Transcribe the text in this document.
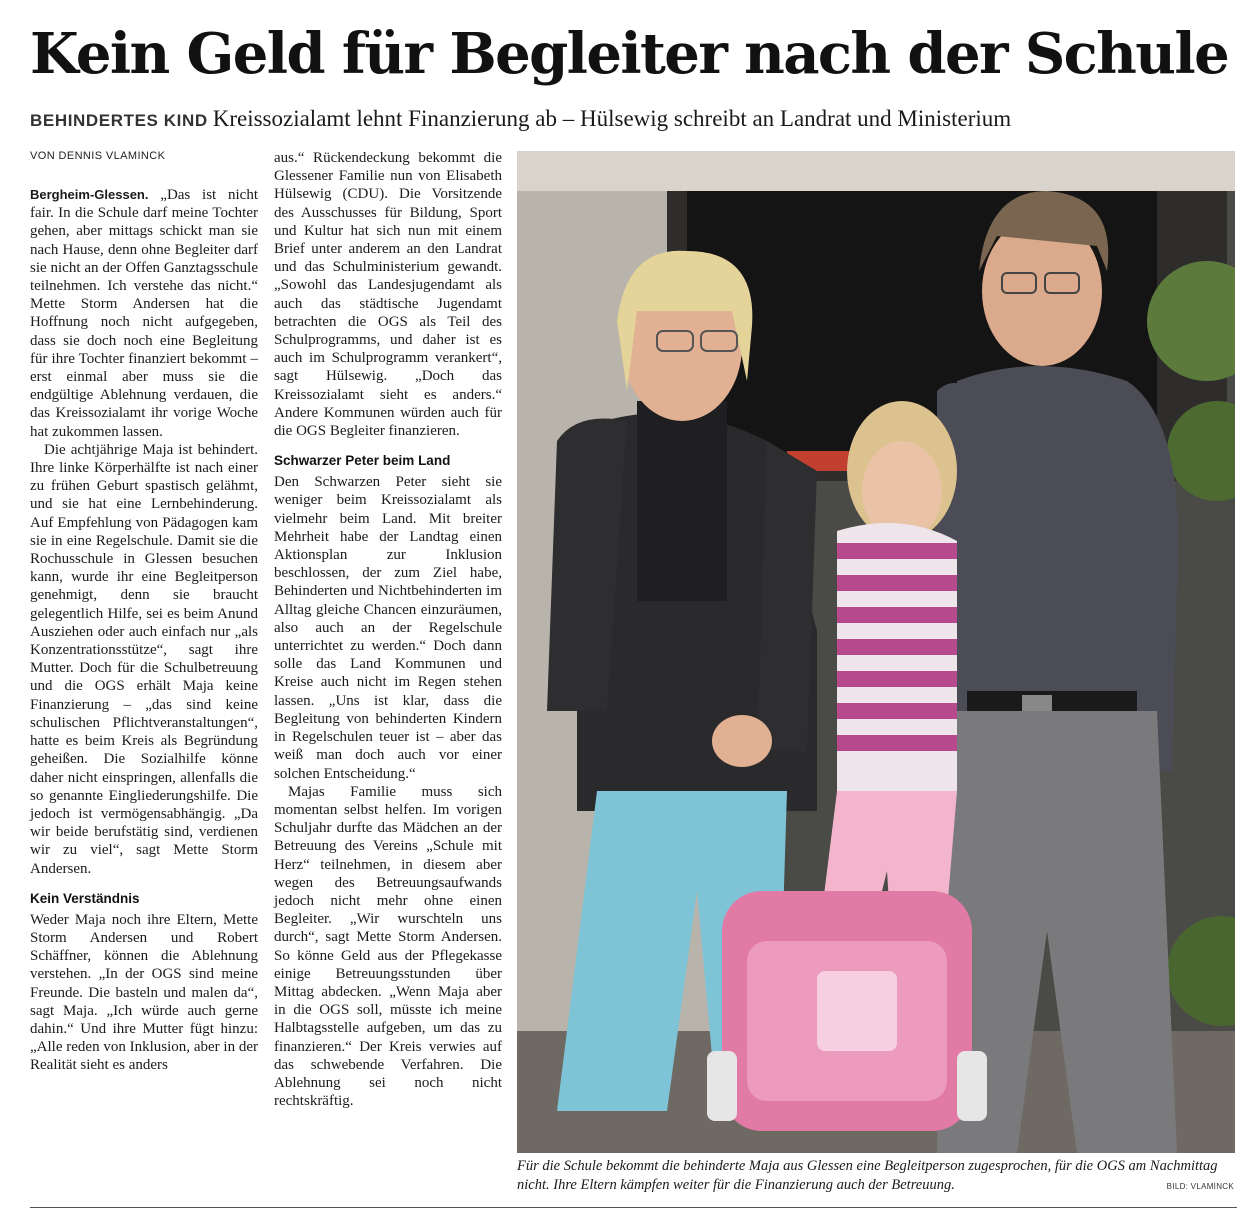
Kein Geld für Begleiter nach der Schule

BEHINDERTES KIND Kreissozialamt lehnt Finanzierung ab – Hülsewig schreibt an Landrat und Ministerium

VON DENNIS VLAMINCK

Bergheim-Glessen. „Das ist nicht fair. In die Schule darf meine Tochter gehen, aber mittags schickt man sie nach Hause, denn ohne Begleiter darf sie nicht an der Offen Ganztagsschule teilnehmen. Ich verstehe das nicht.“ Mette Storm Andersen hat die Hoffnung noch nicht aufgegeben, dass sie doch noch eine Begleitung für ihre Tochter finanziert bekommt – erst einmal aber muss sie die endgültige Ablehnung verdauen, die das Kreissozialamt ihr vorige Woche hat zukommen lassen.

Die achtjährige Maja ist behindert. Ihre linke Körperhälfte ist nach einer zu frühen Geburt spastisch gelähmt, und sie hat eine Lernbehinderung. Auf Empfehlung von Pädagogen kam sie in eine Regelschule. Damit sie die Rochusschule in Glessen besuchen kann, wurde ihr eine Begleitperson genehmigt, denn sie braucht gelegentlich Hilfe, sei es beim Anund Ausziehen oder auch einfach nur „als Konzentrationsstütze“, sagt ihre Mutter. Doch für die Schulbetreuung und die OGS erhält Maja keine Finanzierung – „das sind keine schulischen Pflichtveranstaltungen“, hatte es beim Kreis als Begründung geheißen. Die Sozialhilfe könne daher nicht einspringen, allenfalls die so genannte Eingliederungshilfe. Die jedoch ist vermögensabhängig. „Da wir beide berufstätig sind, verdienen wir zu viel“, sagt Mette Storm Andersen.

Kein Verständnis

Weder Maja noch ihre Eltern, Mette Storm Andersen und Robert Schäffner, können die Ablehnung verstehen. „In der OGS sind meine Freunde. Die basteln und malen da“, sagt Maja. „Ich würde auch gerne dahin.“ Und ihre Mutter fügt hinzu: „Alle reden von Inklusion, aber in der Realität sieht es anders

aus.“ Rückendeckung bekommt die Glessener Familie nun von Elisabeth Hülsewig (CDU). Die Vorsitzende des Ausschusses für Bildung, Sport und Kultur hat sich nun mit einem Brief unter anderem an den Landrat und das Schulministerium gewandt. „Sowohl das Landesjugendamt als auch das städtische Jugendamt betrachten die OGS als Teil des Schulprogramms, und daher ist es auch im Schulprogramm verankert“, sagt Hülsewig. „Doch das Kreissozialamt sieht es anders.“ Andere Kommunen würden auch für die OGS Begleiter finanzieren.

Schwarzer Peter beim Land

Den Schwarzen Peter sieht sie weniger beim Kreissozialamt als vielmehr beim Land. Mit breiter Mehrheit habe der Landtag einen Aktionsplan zur Inklusion beschlossen, der zum Ziel habe, Behinderten und Nichtbehinderten im Alltag gleiche Chancen einzuräumen, also auch an der Regelschule unterrichtet zu werden.“ Doch dann solle das Land Kommunen und Kreise auch nicht im Regen stehen lassen. „Uns ist klar, dass die Begleitung von behinderten Kindern in Regelschulen teuer ist – aber das weiß man doch auch vor einer solchen Entscheidung.“

Majas Familie muss sich momentan selbst helfen. Im vorigen Schuljahr durfte das Mädchen an der Betreuung des Vereins „Schule mit Herz“ teilnehmen, in diesem aber wegen des Betreuungsaufwands jedoch nicht mehr ohne einen Begleiter. „Wir wurschteln uns durch“, sagt Mette Storm Andersen. So könne Geld aus der Pflegekasse einige Betreuungsstunden über Mittag abdecken. „Wenn Maja aber in die OGS soll, müsste ich meine Halbtagsstelle aufgeben, um das zu finanzieren.“ Der Kreis verwies auf das schwebende Verfahren. Die Ablehnung sei noch nicht rechtskräftig.

Für die Schule bekommt die behinderte Maja aus Glessen eine Begleitperson zugesprochen, für die OGS am Nachmittag nicht. Ihre Eltern kämpfen weiter für die Finanzierung auch der Betreuung.	BILD: VLAMINCK
